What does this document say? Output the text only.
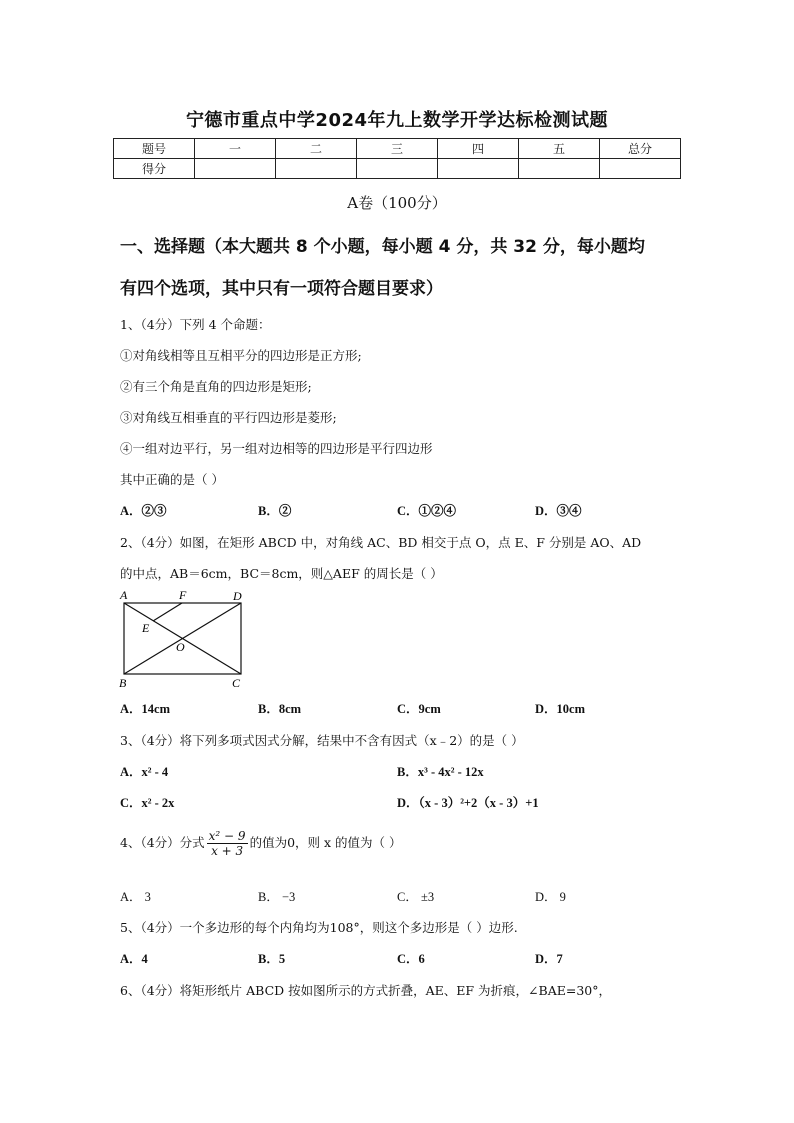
宁德市重点中学2024年九上数学开学达标检测试题
题号	一	二	三	四	五	总分
得分						
A卷（100分）
一、选择题（本大题共 8 个小题，每小题 4 分，共 32 分，每小题均
有四个选项，其中只有一项符合题目要求）
1、（4分）下列 4 个命题：
①对角线相等且互相平分的四边形是正方形;
②有三个角是直角的四边形是矩形;
③对角线互相垂直的平行四边形是菱形;
④一组对边平行，另一组对边相等的四边形是平行四边形
其中正确的是（ ）
A．②③	B．②	C．①②④	D．③④
2、（4分）如图，在矩形 ABCD 中，对角线 AC、BD 相交于点 O，点 E、F 分别是 AO、AD
的中点，AB＝6cm，BC＝8cm，则△AEF 的周长是（ ）
A	F	D
E
O
B	C
A．14cm	B．8cm	C．9cm	D．10cm
3、（4分）将下列多项式因式分解，结果中不含有因式（x﹣2）的是（ ）
A．x² - 4	B．x³ - 4x² - 12x
C．x² - 2x	D．（x - 3）²+2（x - 3）+1
4、（4分）分式 $\frac{\text{x² − 9}}{x + 3}$ 的值为0，则 x 的值为（ ）
A． 3	B． −3	C． ±3	D． 9
5、（4分）一个多边形的每个内角均为108°，则这个多边形是（ ）边形.
A．4	B．5	C．6	D．7
6、（4分）将矩形纸片 ABCD 按如图所示的方式折叠，AE、EF 为折痕，∠BAE=30°，
